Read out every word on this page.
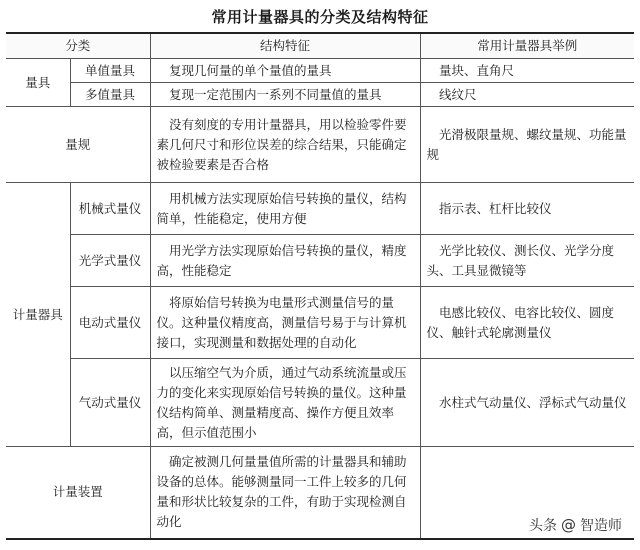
常用计量器具的分类及结构特征
分类		结构特征	常用计量器具举例
量具	单值量具	复现几何量的单个量值的量具	量块、直角尺
	多值量具	复现一定范围内一系列不同量值的量具	线纹尺
量规		没有刻度的专用计量器具，用以检验零件要素几何尺寸和形位误差的综合结果，只能确定被检验要素是否合格	光滑极限量规、螺纹量规、功能量规
计量器具	机械式量仪	用机械方法实现原始信号转换的量仪，结构简单，性能稳定，使用方便	指示表、杠杆比较仪
	光学式量仪	用光学方法实现原始信号转换的量仪，精度高，性能稳定	光学比较仪、测长仪、光学分度头、工具显微镜等
	电动式量仪	将原始信号转换为电量形式测量信号的量仪。这种量仪精度高，测量信号易于与计算机接口，实现测量和数据处理的自动化	电感比较仪、电容比较仪、圆度仪、触针式轮廓测量仪
	气动式量仪	以压缩空气为介质，通过气动系统流量或压力的变化来实现原始信号转换的量仪。这种量仪结构简单、测量精度高、操作方便且效率高，但示值范围小	水柱式气动量仪、浮标式气动量仪
计量装置		确定被测几何量量值所需的计量器具和辅助设备的总体。能够测量同一工件上较多的几何量和形状比较复杂的工件，有助于实现检测自动化		头条 @ 智造师
